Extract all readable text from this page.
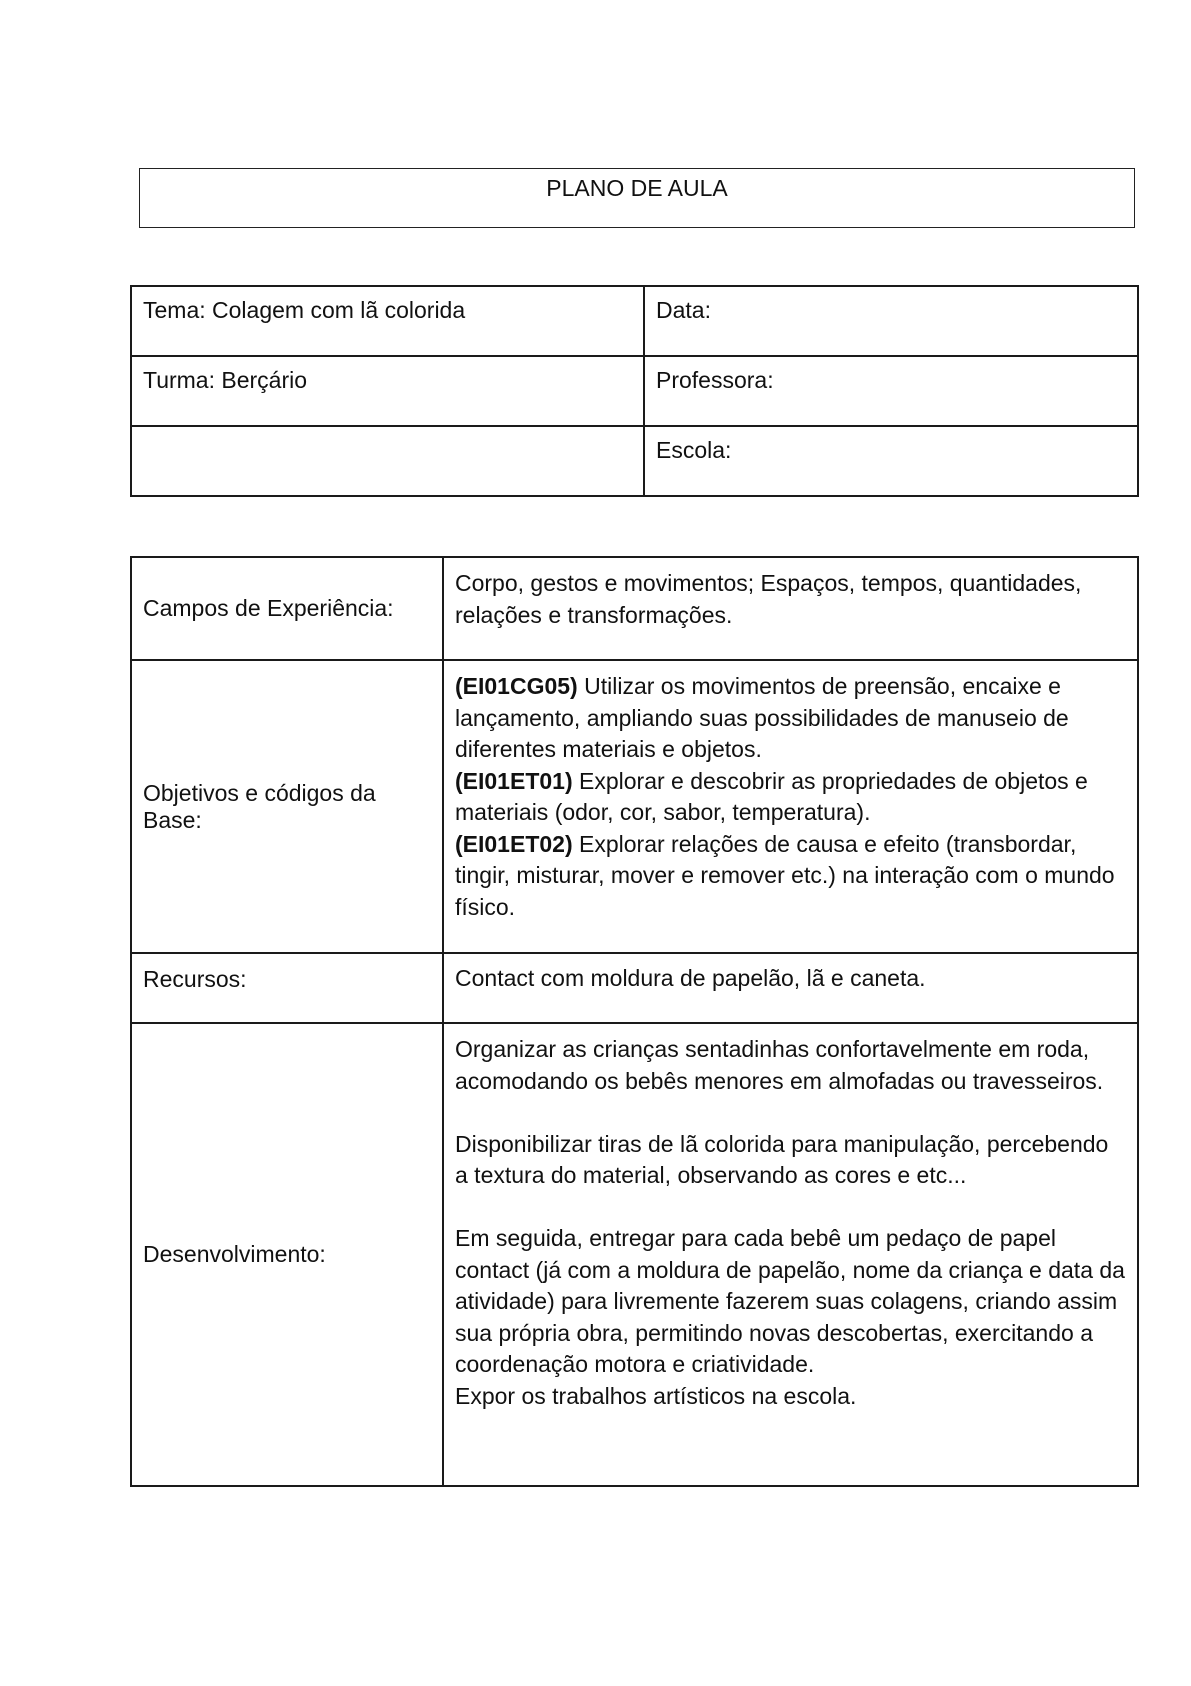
PLANO DE AULA
Tema: Colagem com lã colorida	Data:
Turma: Berçário	Professora:
	Escola:
Campos de Experiência:	Corpo, gestos e movimentos; Espaços, tempos, quantidades, relações e transformações.
Objetivos e códigos da Base:	(EI01CG05) Utilizar os movimentos de preensão, encaixe e lançamento, ampliando suas possibilidades de manuseio de diferentes materiais e objetos.

(EI01ET01) Explorar e descobrir as propriedades de objetos e materiais (odor, cor, sabor, temperatura).

(EI01ET02) Explorar relações de causa e efeito (transbordar, tingir, misturar, mover e remover etc.) na interação com o mundo físico.

Recursos:	Contact com moldura de papelão, lã e caneta.
Desenvolvimento:	Organizar as crianças sentadinhas confortavelmente em roda, acomodando os bebês menores em almofadas ou travesseiros.

Disponibilizar tiras de lã colorida para manipulação, percebendo a textura do material, observando as cores e etc...

Em seguida, entregar para cada bebê um pedaço de papel contact (já com a moldura de papelão, nome da criança e data da atividade) para livremente fazerem suas colagens, criando assim sua própria obra, permitindo novas descobertas, exercitando a coordenação motora e criatividade.

Expor os trabalhos artísticos na escola.
